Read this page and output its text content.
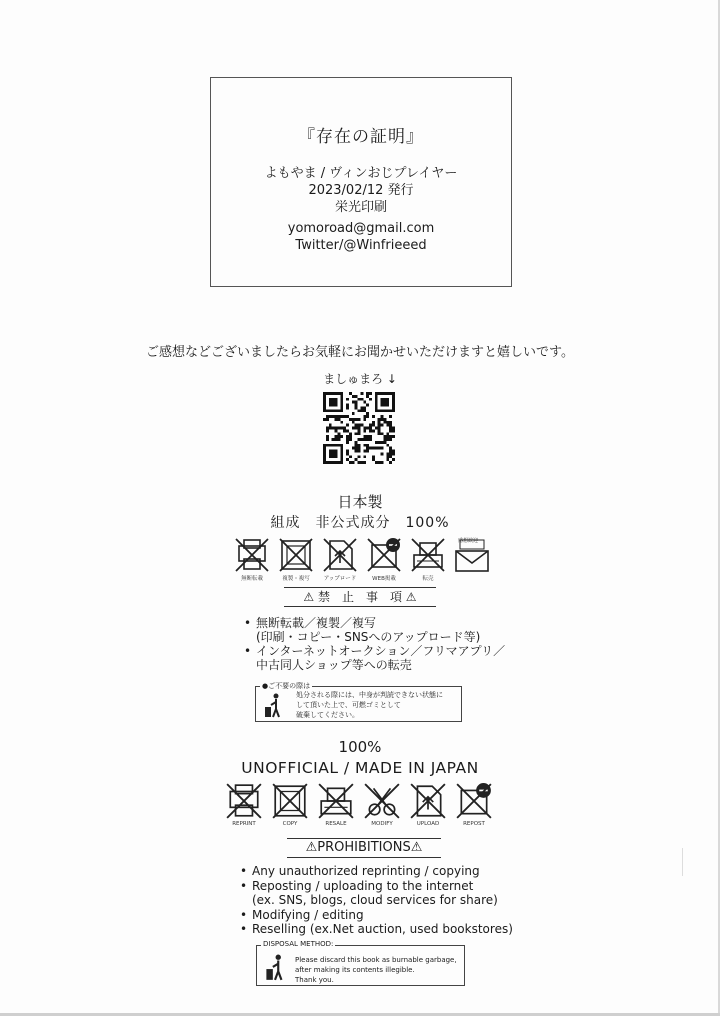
『存在の証明』
よもやま / ヴィンおじプレイヤー
2023/02/12 発行
栄光印刷
yomoroad@gmail.com
Twitter/@Winfrieeed
ご感想などございましたらお気軽にお聞かせいただけますと嬉しいです。
ましゅまろ ↓
日本製
組成　非公式成分　100%
無断転載	複製・複写	アップロード	WEB掲載	転売
感想歓迎
⚠ 禁　止　事　項 ⚠
• 無断転載／複製／複写
(印刷・コピー・SNSへのアップロード等)
• インターネットオークション／フリマアプリ／
中古同人ショップ等への転売
●ご不要の際は
処分される際には、中身が判読できない状態に
して頂いた上で、可燃ゴミとして
破棄してください。
100%
UNOFFICIAL / MADE IN JAPAN
REPRINT	COPY	RESALE	MODIFY	UPLOAD	REPOST
⚠PROHIBITIONS⚠
• Any unauthorized reprinting / copying
• Reposting / uploading to the internet
(ex. SNS, blogs, cloud services for share)
• Modifying / editing
• Reselling (ex.Net auction, used bookstores)
DISPOSAL METHOD:
Please discard this book as burnable garbage,
after making its contents illegible.
Thank you.
